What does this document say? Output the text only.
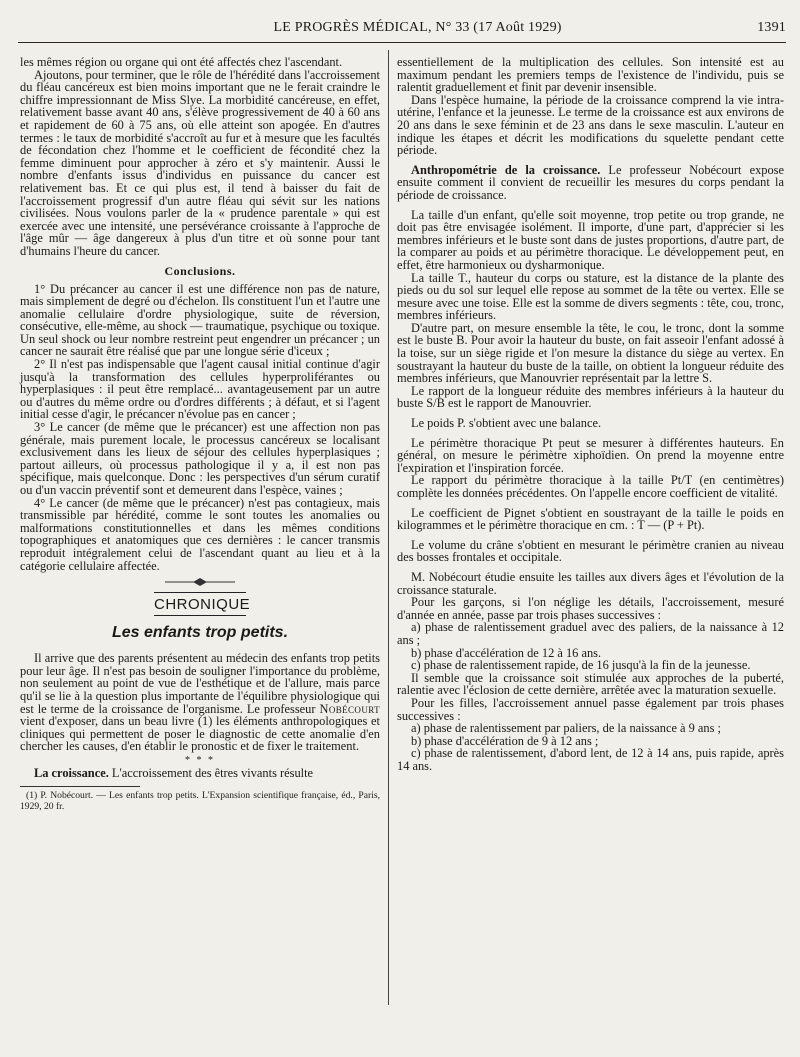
LE PROGRÈS MÉDICAL, N° 33 (17 Août 1929)	1391

les mêmes région ou organe qui ont été affectés chez l'ascendant.

Ajoutons, pour terminer, que le rôle de l'hérédité dans l'accroissement du fléau cancéreux est bien moins important que ne le ferait craindre le chiffre impressionnant de Miss Slye. La morbidité cancéreuse, en effet, relativement basse avant 40 ans, s'élève progressivement de 40 à 60 ans et rapidement de 60 à 75 ans, où elle atteint son apogée. En d'autres termes : le taux de morbidité s'accroît au fur et à mesure que les facultés de fécondation chez l'homme et le coefficient de fécondité chez la femme diminuent pour approcher à zéro et s'y maintenir. Aussi le nombre d'enfants issus d'individus en puissance du cancer est relativement bas. Et ce qui plus est, il tend à baisser du fait de l'accroissement progressif d'un autre fléau qui sévit sur les nations civilisées. Nous voulons parler de la « prudence parentale » qui est exercée avec une intensité, une persévérance croissante à l'approche de l'âge mûr — âge dangereux à plus d'un titre et où sonne pour tant d'humains l'heure du cancer.

Conclusions.

1° Du précancer au cancer il est une différence non pas de nature, mais simplement de degré ou d'échelon. Ils constituent l'un et l'autre une anomalie cellulaire d'ordre physiologique, suite de réversion, consécutive, elle-même, au shock — traumatique, psychique ou toxique. Un seul shock ou leur nombre restreint peut engendrer un précancer ; un cancer ne saurait être réalisé que par une longue série d'iceux ;

2° Il n'est pas indispensable que l'agent causal initial continue d'agir jusqu'à la transformation des cellules hyperproliférantes ou hyperplasiques : il peut être remplacé... avantageusement par un autre ou d'autres du même ordre ou d'ordres différents ; à défaut, et si l'agent initial cesse d'agir, le précancer n'évolue pas en cancer ;

3° Le cancer (de même que le précancer) est une affection non pas générale, mais purement locale, le processus cancéreux se localisant exclusivement dans les lieux de séjour des cellules hyperplasiques ; partout ailleurs, où processus pathologique il y a, il est non pas spécifique, mais quelconque. Donc : les perspectives d'un sérum curatif ou d'un vaccin préventif sont et demeurent dans l'espèce, vaines ;

4° Le cancer (de même que le précancer) n'est pas contagieux, mais transmissible par hérédité, comme le sont toutes les anomalies ou malformations constitutionnelles et dans les mêmes conditions topographiques et anatomiques que ces dernières : le cancer transmis reproduit intégralement celui de l'ascendant quant au lieu et à la catégorie cellulaire affectée.

CHRONIQUE
Les enfants trop petits.

Il arrive que des parents présentent au médecin des enfants trop petits pour leur âge. Il n'est pas besoin de souligner l'importance du problème, non seulement au point de vue de l'esthétique et de l'allure, mais parce qu'il se lie à la question plus importante de l'équilibre physiologique qui est le terme de la croissance de l'organisme. Le professeur Nobécourt vient d'exposer, dans un beau livre (1) les éléments anthropologiques et cliniques qui permettent de poser le diagnostic de cette anomalie d'en chercher les causes, d'en établir le pronostic et de fixer le traitement.

* * *

La croissance. L'accroissement des êtres vivants résulte

(1) P. Nobécourt. — Les enfants trop petits. L'Expansion scientifique française, éd., Paris, 1929, 20 fr.

essentiellement de la multiplication des cellules. Son intensité est au maximum pendant les premiers temps de l'existence de l'individu, puis se ralentit graduellement et finit par devenir insensible.

Dans l'espèce humaine, la période de la croissance comprend la vie intra-utérine, l'enfance et la jeunesse. Le terme de la croissance est aux environs de 20 ans dans le sexe féminin et de 23 ans dans le sexe masculin. L'auteur en indique les étapes et décrit les modifications du squelette pendant cette période.

Anthropométrie de la croissance. Le professeur Nobécourt expose ensuite comment il convient de recueillir les mesures du corps pendant la période de croissance.

La taille d'un enfant, qu'elle soit moyenne, trop petite ou trop grande, ne doit pas être envisagée isolément. Il importe, d'une part, d'apprécier si les membres inférieurs et le buste sont dans de justes proportions, d'autre part, de la comparer au poids et au périmètre thoracique. Le développement peut, en effet, être harmonieux ou dysharmonique.

La taille T., hauteur du corps ou stature, est la distance de la plante des pieds ou du sol sur lequel elle repose au sommet de la tête ou vertex. Elle se mesure avec une toise. Elle est la somme de divers segments : tête, cou, tronc, membres inférieurs.

D'autre part, on mesure ensemble la tête, le cou, le tronc, dont la somme est le buste B. Pour avoir la hauteur du buste, on fait asseoir l'enfant adossé à la toise, sur un siège rigide et l'on mesure la distance du siège au vertex. En soustrayant la hauteur du buste de la taille, on obtient la longueur réduite des membres inférieurs, que Manouvrier représentait par la lettre S.

Le rapport de la longueur réduite des membres inférieurs à la hauteur du buste S/B est le rapport de Manouvrier.

Le poids P. s'obtient avec une balance.

Le périmètre thoracique Pt peut se mesurer à différentes hauteurs. En général, on mesure le périmètre xiphoïdien. On prend la moyenne entre l'expiration et l'inspiration forcée.

Le rapport du périmètre thoracique à la taille Pt/T (en centimètres) complète les données précédentes. On l'appelle encore coefficient de vitalité.

Le coefficient de Pignet s'obtient en soustrayant de la taille le poids en kilogrammes et le périmètre thoracique en cm. : T — (P + Pt).

Le volume du crâne s'obtient en mesurant le périmètre cranien au niveau des bosses frontales et occipitale.

M. Nobécourt étudie ensuite les tailles aux divers âges et l'évolution de la croissance staturale.

Pour les garçons, si l'on néglige les détails, l'accroissement, mesuré d'année en année, passe par trois phases successives :

a) phase de ralentissement graduel avec des paliers, de la naissance à 12 ans ;

b) phase d'accélération de 12 à 16 ans.

c) phase de ralentissement rapide, de 16 jusqu'à la fin de la jeunesse.

Il semble que la croissance soit stimulée aux approches de la puberté, ralentie avec l'éclosion de cette dernière, arrêtée avec la maturation sexuelle.

Pour les filles, l'accroissement annuel passe également par trois phases successives :

a) phase de ralentissement par paliers, de la naissance à 9 ans ;

b) phase d'accélération de 9 à 12 ans ;

c) phase de ralentissement, d'abord lent, de 12 à 14 ans, puis rapide, après 14 ans.
